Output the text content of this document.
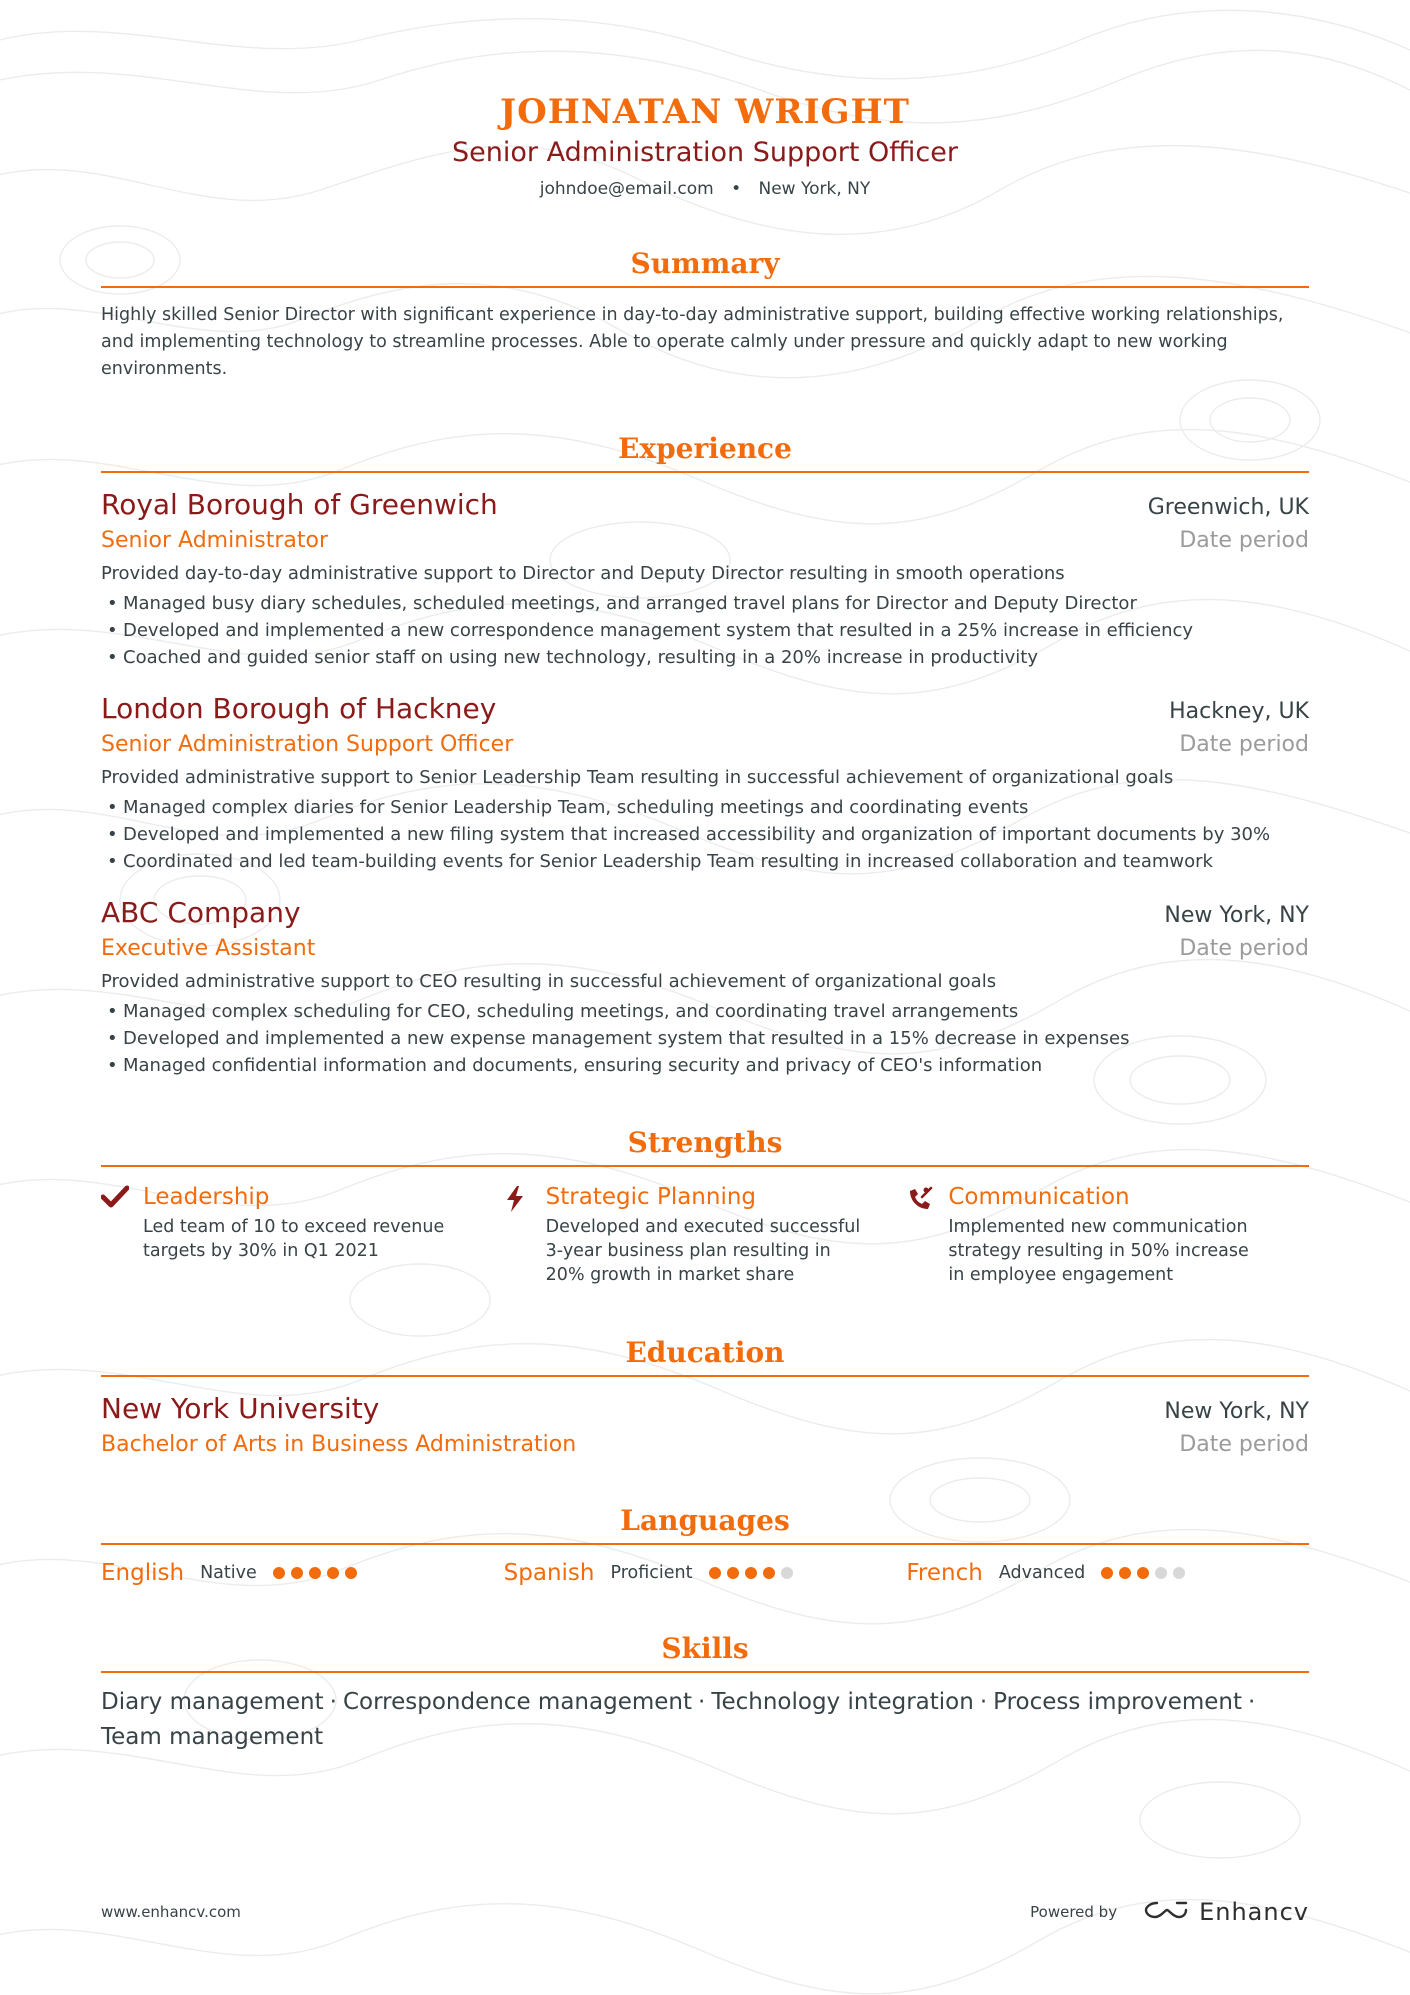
JOHNATAN WRIGHT
Senior Administration Support Officer
johndoe@email.com • New York, NY
Summary

Highly skilled Senior Director with significant experience in day-to-day administrative support, building effective working relationships, and implementing technology to streamline processes. Able to operate calmly under pressure and quickly adapt to new working environments.

Experience
Royal Borough of Greenwich	Greenwich, UK
Senior Administrator	Date period
Provided day-to-day administrative support to Director and Deputy Director resulting in smooth operations
• Managed busy diary schedules, scheduled meetings, and arranged travel plans for Director and Deputy Director
• Developed and implemented a new correspondence management system that resulted in a 25% increase in efficiency
• Coached and guided senior staff on using new technology, resulting in a 20% increase in productivity
London Borough of Hackney	Hackney, UK
Senior Administration Support Officer	Date period
Provided administrative support to Senior Leadership Team resulting in successful achievement of organizational goals
• Managed complex diaries for Senior Leadership Team, scheduling meetings and coordinating events
• Developed and implemented a new filing system that increased accessibility and organization of important documents by 30%
• Coordinated and led team-building events for Senior Leadership Team resulting in increased collaboration and teamwork
ABC Company	New York, NY
Executive Assistant	Date period
Provided administrative support to CEO resulting in successful achievement of organizational goals
• Managed complex scheduling for CEO, scheduling meetings, and coordinating travel arrangements
• Developed and implemented a new expense management system that resulted in a 15% decrease in expenses
• Managed confidential information and documents, ensuring security and privacy of CEO's information
Strengths
Leadership
Led team of 10 to exceed revenue targets by 30% in Q1 2021
Strategic Planning
Developed and executed successful 3-year business plan resulting in 20% growth in market share
Communication
Implemented new communication strategy resulting in 50% increase in employee engagement
Education
New York University	New York, NY
Bachelor of Arts in Business Administration	Date period
Languages
English Native	Spanish Proficient	French Advanced
Skills
Diary management · Correspondence management · Technology integration · Process improvement ·
Team management
www.enhancv.com	Powered by	Enhancv
